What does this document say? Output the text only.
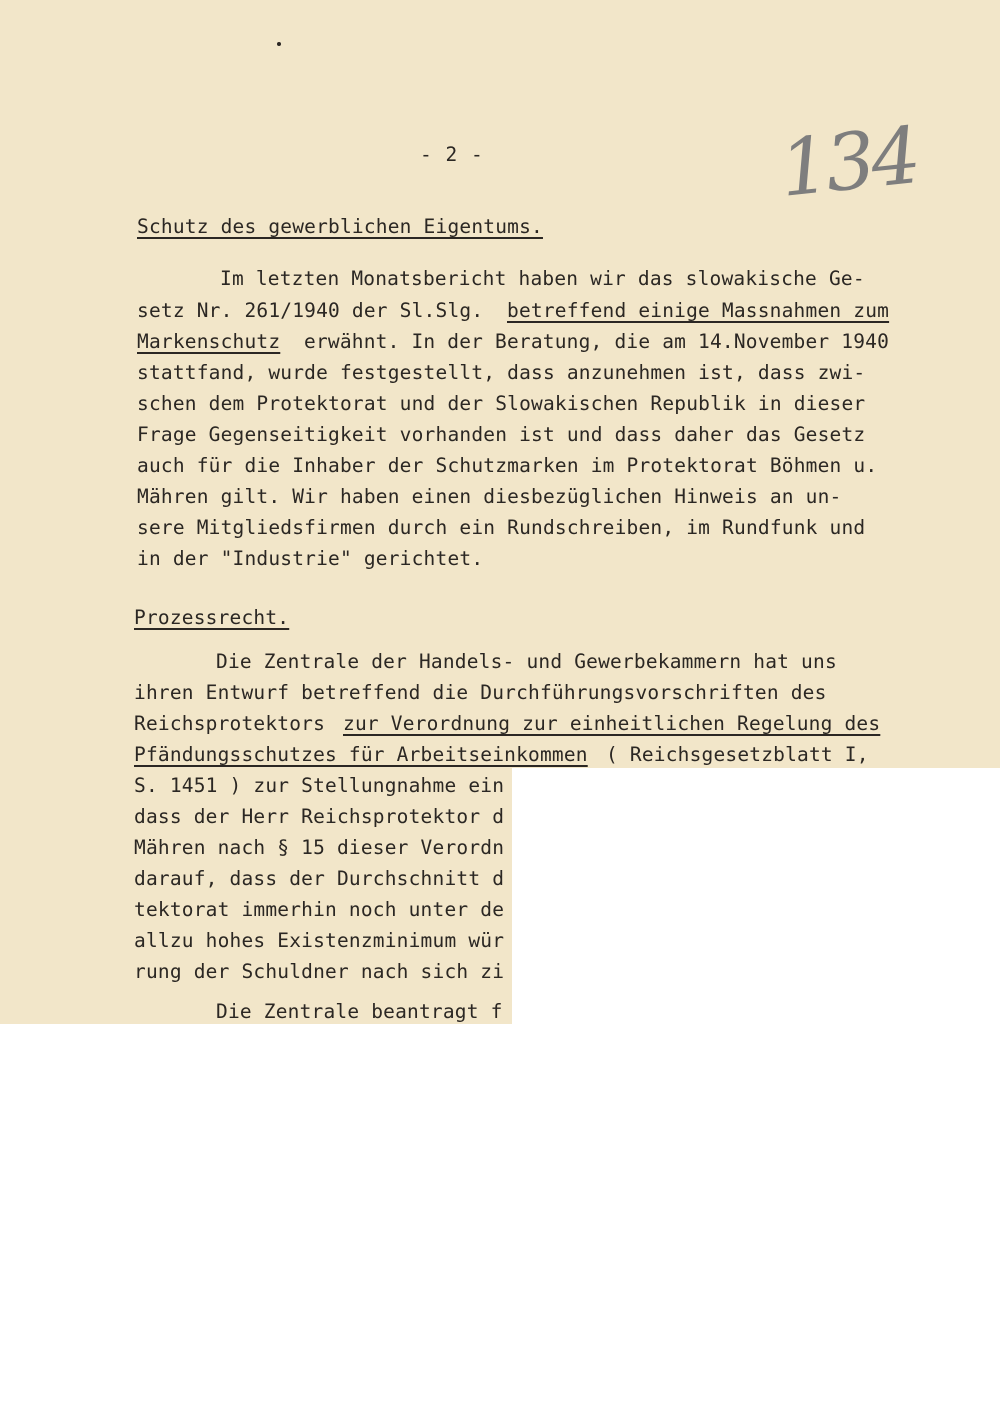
- 2 -	134
Schutz des gewerblichen Eigentums.
Im letzten Monatsbericht haben wir das slowakische Ge-
setz Nr. 261/1940 der Sl.Slg. betreffend einige Massnahmen zum
Markenschutz erwähnt. In der Beratung, die am 14.November 1940
stattfand, wurde festgestellt, dass anzunehmen ist, dass zwi-
schen dem Protektorat und der Slowakischen Republik in dieser
Frage Gegenseitigkeit vorhanden ist und dass daher das Gesetz
auch für die Inhaber der Schutzmarken im Protektorat Böhmen u.
Mähren gilt. Wir haben einen diesbezüglichen Hinweis an un-
sere Mitgliedsfirmen durch ein Rundschreiben, im Rundfunk und
in der "Industrie" gerichtet.
Prozessrecht.
Die Zentrale der Handels- und Gewerbekammern hat uns
ihren Entwurf betreffend die Durchführungsvorschriften des
Reichsprotektors zur Verordnung zur einheitlichen Regelung des
Pfändungsschutzes für Arbeitseinkommen ( Reichsgesetzblatt I,
S. 1451 ) zur Stellungnahme ein
dass der Herr Reichsprotektor d
Mähren nach § 15 dieser Verordn
darauf, dass der Durchschnitt d
tektorat immerhin noch unter de
allzu hohes Existenzminimum wür
rung der Schuldner nach sich zi
Die Zentrale beantragt f
